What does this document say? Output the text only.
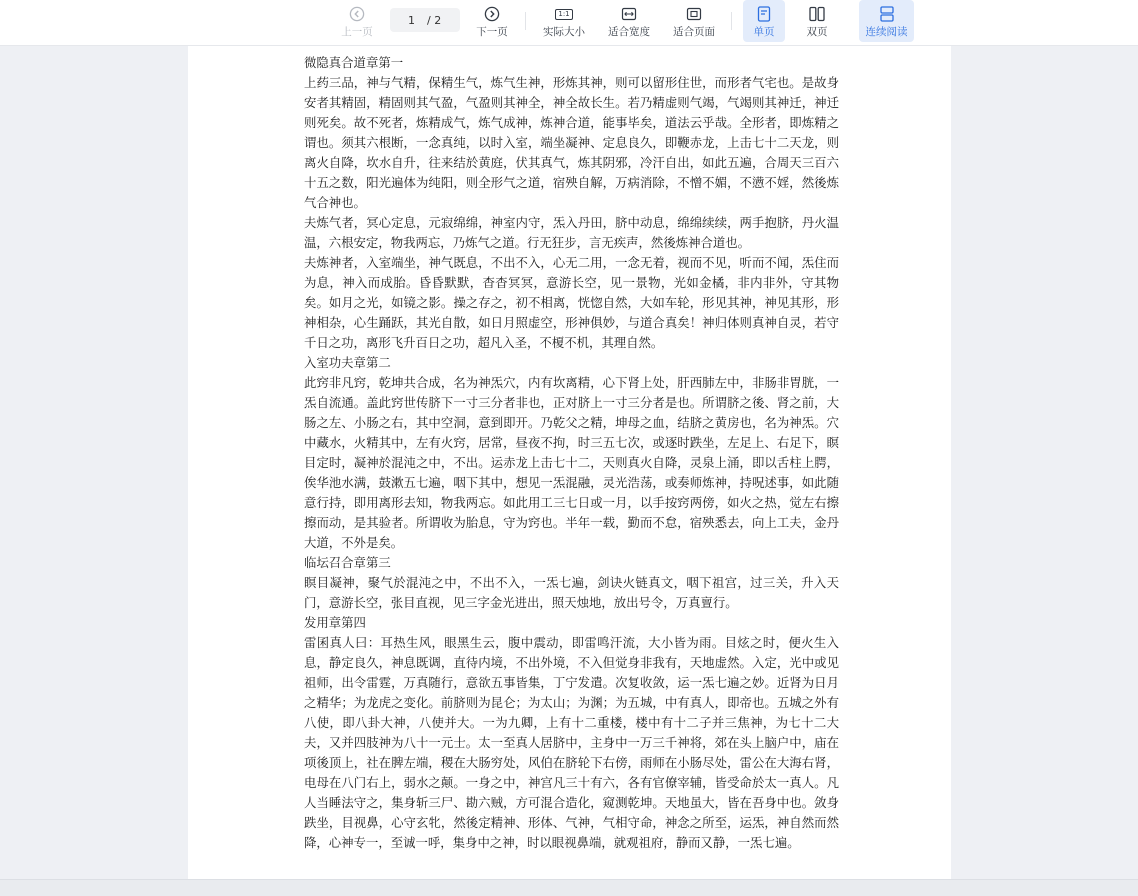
上一页
1 / 2
下一页
1:1
实际大小 适合宽度 适合页面	单页	双页	连续阅读

微隐真合道章第一

上药三品，神与气精，保精生气，炼气生神，形炼其神，则可以留形住世，而形者气宅也。是故身安者其精固，精固则其气盈，气盈则其神全，神全故长生。若乃精虚则气竭，气竭则其神迁，神迁则死矣。故不死者，炼精成气，炼气成神，炼神合道，能事毕矣，道法云乎哉。全形者，即炼精之谓也。须其六根断，一念真纯，以时入室，端坐凝神、定息良久，即鞭赤龙，上击七十二天龙，则离火自降，坎水自升，往来结於黄庭，伏其真气，炼其阴邪，冷汗自出，如此五遍，合周天三百六十五之数，阳光遍体为纯阳，则全形气之道，宿殃自解，万病消除，不憎不媚，不懑不婬，然後炼气合神也。

夫炼气者，冥心定息，元寂绵绵，神室内守，炁入丹田，脐中动息，绵绵续续，两手抱脐，丹火温温，六根安定，物我两忘，乃炼气之道。行无狂步，言无疾声，然後炼神合道也。

夫炼神者，入室端坐，神气既息，不出不入，心无二用，一念无着，视而不见，听而不闻，炁住而为息，神入而成胎。昏昏默默，杳杳冥冥，意游长空，见一景物，光如金橘，非内非外，守其物矣。如月之光，如镜之影。操之存之，初不相离，恍惚自然，大如车轮，形见其神，神见其形，形神相杂，心生踊跃，其光自散，如日月照虚空，形神俱妙，与道合真矣！神归体则真神自灵，若守千日之功，离形飞升百日之功，超凡入圣，不榎不机，其理自然。

入室功夫章第二

此窍非凡窍，乾坤共合成，名为神炁穴，内有坎离精，心下肾上处，肝西肺左中，非肠非胃胱，一炁自流通。盖此窍世传脐下一寸三分者非也，正对脐上一寸三分者是也。所谓脐之後、肾之前，大肠之左、小肠之右，其中空洞，意到即开。乃乾父之精，坤母之血，结脐之黄房也，名为神炁。穴中藏水，火精其中，左有火窍，居常，昼夜不拘，时三五七次，或逐时跌坐，左足上、右足下，瞑目定时，凝神於混沌之中，不出。运赤龙上击七十二，天则真火自降，灵泉上涌，即以舌柱上腭，俟华池水满，鼓漱五七遍，咽下其中，想见一炁混融，灵光浩荡，或奏师炼神，持呪述事，如此随意行持，即用离形去知，物我两忘。如此用工三七日或一月，以手按窍两傍，如火之热，觉左右擦擦而动，是其验者。所谓收为胎息，守为窍也。半年一载，勤而不怠，宿殃悉去，向上工夫，金丹大道，不外是矣。

临坛召合章第三

瞑目凝神，聚气於混沌之中，不出不入，一炁七遍，剑诀火链真文，咽下祖宫，过三关，升入天门，意游长空，张目直视，见三字金光进出，照天烛地，放出号令，万真亶行。

发用章第四

雷囷真人曰：耳热生风，眼黑生云，腹中震动，即雷鸣汗流，大小皆为雨。目炫之时，便火生入息，静定良久，神息既调，直待内境，不出外境，不入但觉身非我有，天地虚然。入定，光中或见祖师，出令雷霆，万真随行，意欲五事皆集，丁宁发遣。次复收敛，运一炁七遍之妙。近肾为日月之精华；为龙虎之变化。前脐则为昆仑；为太山；为渊；为五城，中有真人，即帝也。五城之外有八使，即八卦大神，八使并大。一为九卿，上有十二重楼，楼中有十二子并三焦神，为七十二大夫，又并四肢神为八十一元士。太一至真人居脐中，主身中一万三千神将，郊在头上脑户中，庙在项後顶上，社在脾左端，稷在大肠穷处，风伯在脐轮下右傍，雨师在小肠尽处，雷公在大海右肾，电母在八门右上，弱水之颠。一身之中，神宫凡三十有六，各有官僚宰辅，皆受命於太一真人。凡人当睡法守之，集身斩三尸、勘六贼，方可混合造化，窥测乾坤。天地虽大，皆在吾身中也。敛身跌坐，目视鼻，心守玄牝，然後定精神、形体、气神，气相守命，神念之所至，运炁，神自然而然降，心神专一，至诚一呼，集身中之神，时以眼视鼻端，就观祖府，静而又静，一炁七遍。
